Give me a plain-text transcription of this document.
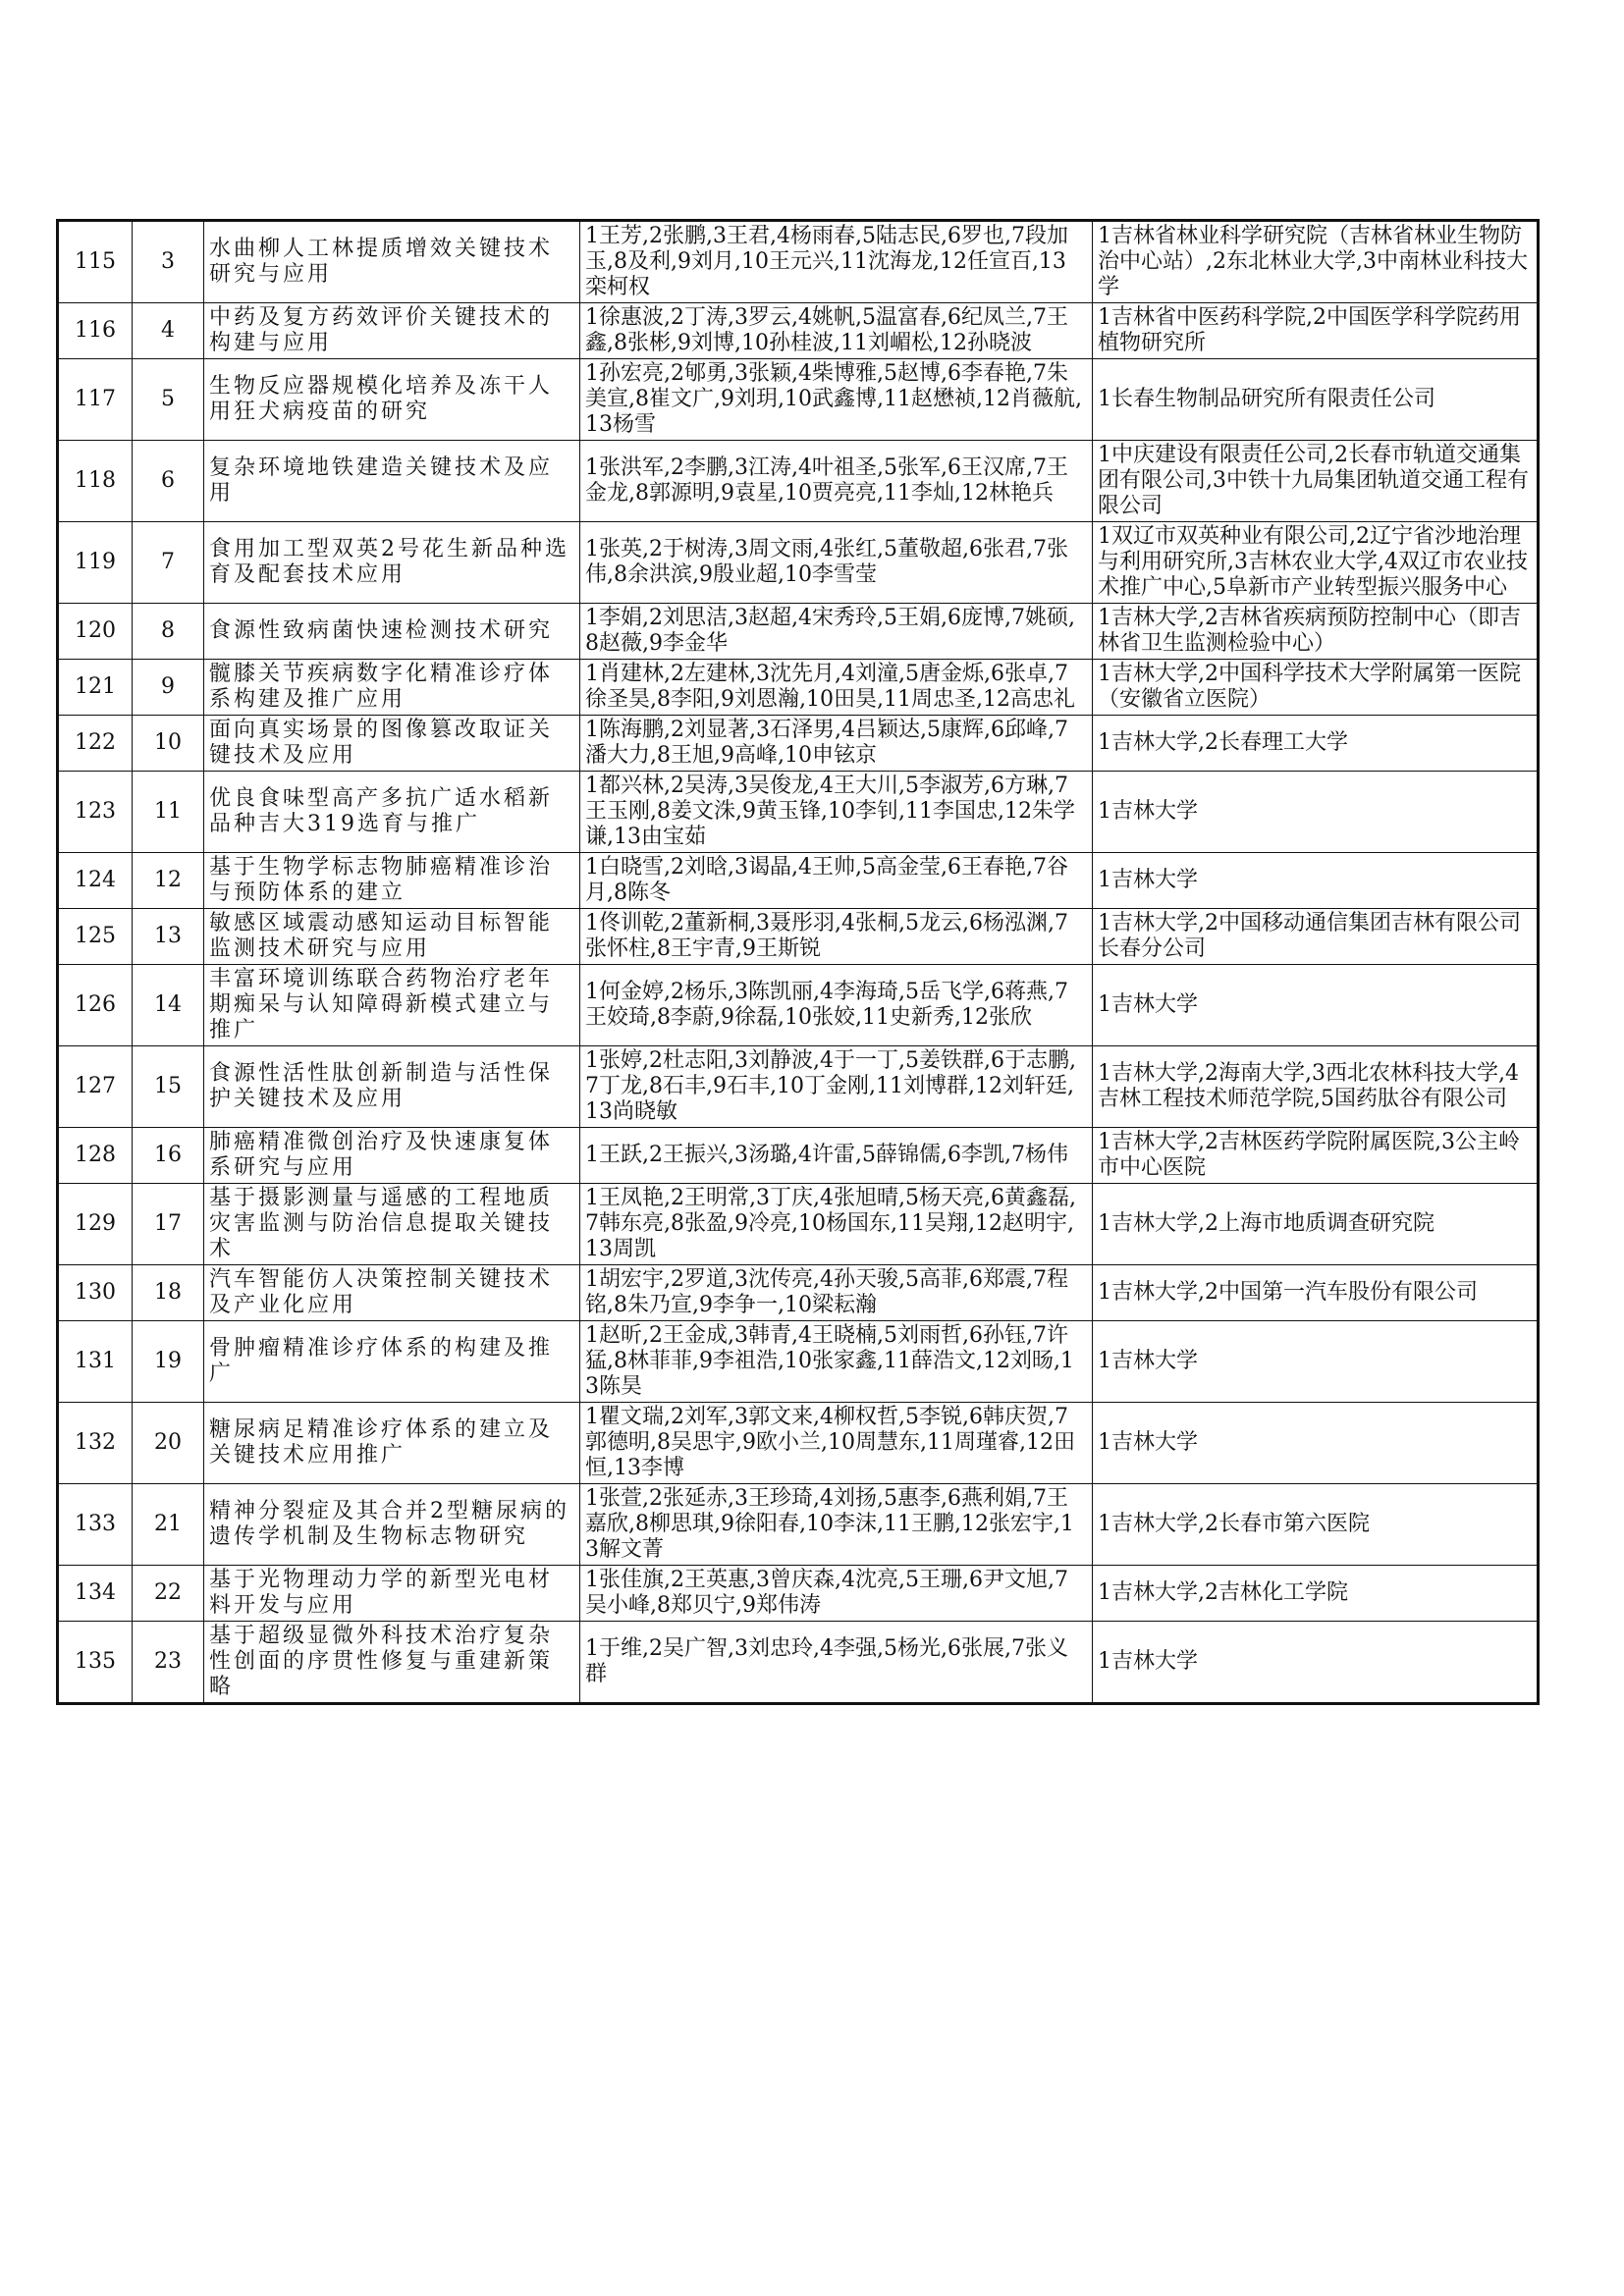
115	3	水曲柳人工林提质增效关键技术研究与应用	1王芳,2张鹏,3王君,4杨雨春,5陆志民,6罗也,7段加玉,8及利,9刘月,10王元兴,11沈海龙,12任宣百,13栾柯权	1吉林省林业科学研究院（吉林省林业生物防治中心站）,2东北林业大学,3中南林业科技大学
116	4	中药及复方药效评价关键技术的构建与应用	1徐惠波,2丁涛,3罗云,4姚帆,5温富春,6纪凤兰,7王鑫,8张彬,9刘博,10孙桂波,11刘嵋松,12孙晓波	1吉林省中医药科学院,2中国医学科学院药用植物研究所
117	5	生物反应器规模化培养及冻干人用狂犬病疫苗的研究	1孙宏亮,2郇勇,3张颖,4柴博雅,5赵博,6李春艳,7朱美宣,8崔文广,9刘玥,10武鑫博,11赵懋祯,12肖薇航,13杨雪	1长春生物制品研究所有限责任公司
118	6	复杂环境地铁建造关键技术及应用	1张洪军,2李鹏,3江涛,4叶祖圣,5张军,6王汉席,7王金龙,8郭源明,9袁星,10贾亮亮,11李灿,12林艳兵	1中庆建设有限责任公司,2长春市轨道交通集团有限公司,3中铁十九局集团轨道交通工程有限公司
119	7	食用加工型双英2号花生新品种选育及配套技术应用	1张英,2于树涛,3周文雨,4张红,5董敬超,6张君,7张伟,8余洪滨,9殷业超,10李雪莹	1双辽市双英种业有限公司,2辽宁省沙地治理与利用研究所,3吉林农业大学,4双辽市农业技术推广中心,5阜新市产业转型振兴服务中心
120	8	食源性致病菌快速检测技术研究	1李娟,2刘思洁,3赵超,4宋秀玲,5王娟,6庞博,7姚硕,8赵薇,9李金华	1吉林大学,2吉林省疾病预防控制中心（即吉林省卫生监测检验中心）
121	9	髋膝关节疾病数字化精准诊疗体系构建及推广应用	1肖建林,2左建林,3沈先月,4刘潼,5唐金烁,6张卓,7徐圣昊,8李阳,9刘恩瀚,10田昊,11周忠圣,12高忠礼	1吉林大学,2中国科学技术大学附属第一医院（安徽省立医院）
122	10	面向真实场景的图像篡改取证关键技术及应用	1陈海鹏,2刘显著,3石泽男,4吕颖达,5康辉,6邱峰,7潘大力,8王旭,9高峰,10申铉京	1吉林大学,2长春理工大学
123	11	优良食味型高产多抗广适水稻新品种吉大319选育与推广	1都兴林,2吴涛,3吴俊龙,4王大川,5李淑芳,6方琳,7王玉刚,8姜文洙,9黄玉锋,10李钊,11李国忠,12朱学谦,13由宝茹	1吉林大学
124	12	基于生物学标志物肺癌精准诊治与预防体系的建立	1白晓雪,2刘晗,3谒晶,4王帅,5高金莹,6王春艳,7谷月,8陈冬	1吉林大学
125	13	敏感区域震动感知运动目标智能监测技术研究与应用	1佟训乾,2董新桐,3聂彤羽,4张桐,5龙云,6杨泓渊,7张怀柱,8王宇青,9王斯锐	1吉林大学,2中国移动通信集团吉林有限公司长春分公司
126	14	丰富环境训练联合药物治疗老年期痴呆与认知障碍新模式建立与推广	1何金婷,2杨乐,3陈凯丽,4李海琦,5岳飞学,6蒋燕,7王姣琦,8李蔚,9徐磊,10张姣,11史新秀,12张欣	1吉林大学
127	15	食源性活性肽创新制造与活性保护关键技术及应用	1张婷,2杜志阳,3刘静波,4于一丁,5姜铁群,6于志鹏,7丁龙,8石丰,9石丰,10丁金刚,11刘博群,12刘轩廷,13尚晓敏	1吉林大学,2海南大学,3西北农林科技大学,4吉林工程技术师范学院,5国药肽谷有限公司
128	16	肺癌精准微创治疗及快速康复体系研究与应用	1王跃,2王振兴,3汤璐,4许雷,5薛锦儒,6李凯,7杨伟	1吉林大学,2吉林医药学院附属医院,3公主岭市中心医院
129	17	基于摄影测量与遥感的工程地质灾害监测与防治信息提取关键技术	1王凤艳,2王明常,3丁庆,4张旭晴,5杨天亮,6黄鑫磊,7韩东亮,8张盈,9冷亮,10杨国东,11吴翔,12赵明宇,13周凯	1吉林大学,2上海市地质调查研究院
130	18	汽车智能仿人决策控制关键技术及产业化应用	1胡宏宇,2罗道,3沈传亮,4孙天骏,5高菲,6郑震,7程铭,8朱乃宣,9李争一,10梁耘瀚	1吉林大学,2中国第一汽车股份有限公司
131	19	骨肿瘤精准诊疗体系的构建及推广	1赵昕,2王金成,3韩青,4王晓楠,5刘雨哲,6孙钰,7许猛,8林菲菲,9李祖浩,10张家鑫,11薛浩文,12刘旸,13陈昊	1吉林大学
132	20	糖尿病足精准诊疗体系的建立及关键技术应用推广	1瞿文瑞,2刘军,3郭文来,4柳权哲,5李锐,6韩庆贺,7郭德明,8吴思宇,9欧小兰,10周慧东,11周瑾睿,12田恒,13李博	1吉林大学
133	21	精神分裂症及其合并2型糖尿病的遗传学机制及生物标志物研究	1张萱,2张延赤,3王珍琦,4刘扬,5惠李,6燕利娟,7王嘉欣,8柳思琪,9徐阳春,10李沫,11王鹏,12张宏宇,13解文菁	1吉林大学,2长春市第六医院
134	22	基于光物理动力学的新型光电材料开发与应用	1张佳旗,2王英惠,3曾庆森,4沈亮,5王珊,6尹文旭,7吴小峰,8郑贝宁,9郑伟涛	1吉林大学,2吉林化工学院
135	23	基于超级显微外科技术治疗复杂性创面的序贯性修复与重建新策略	1于维,2吴广智,3刘忠玲,4李强,5杨光,6张展,7张义群	1吉林大学
